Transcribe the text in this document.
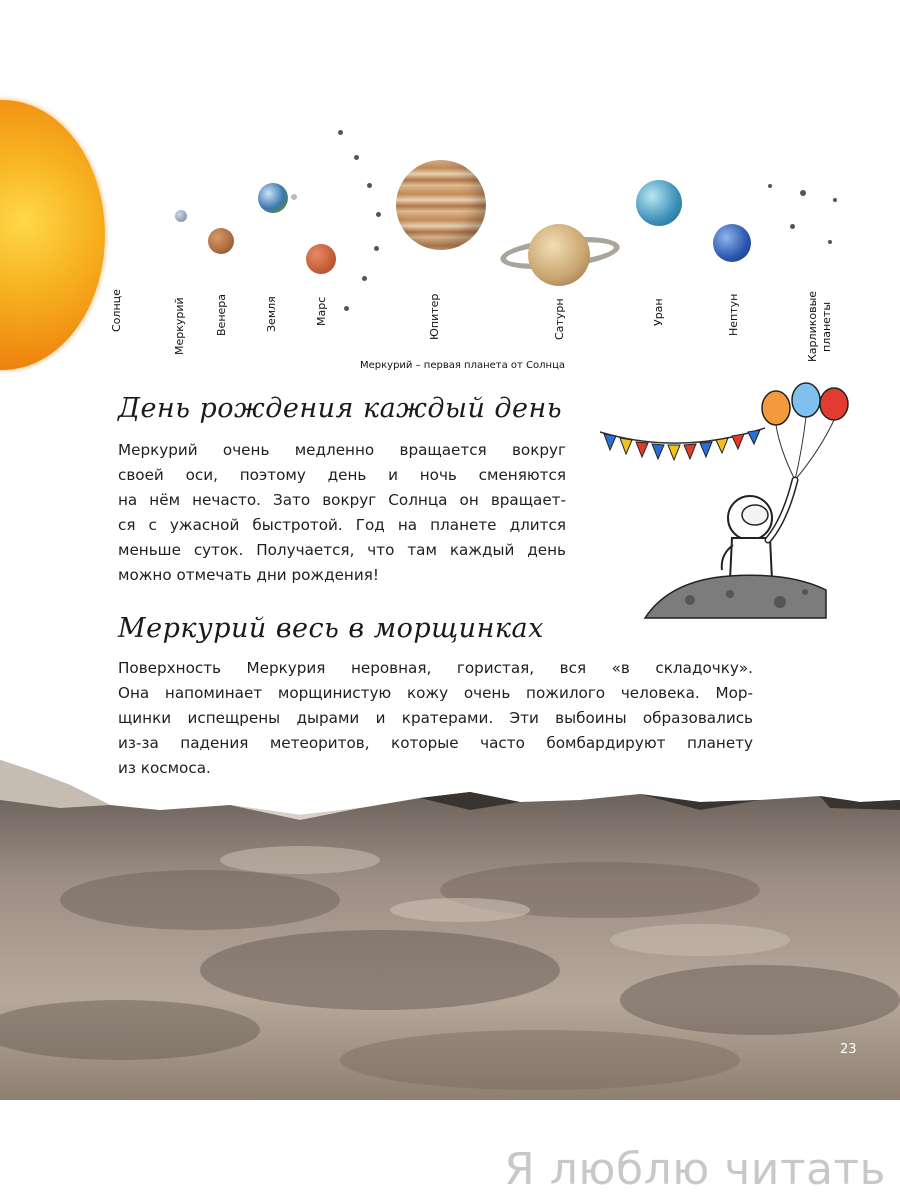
Солнце	Меркурий	Венера	Земля	Марс	Юпитер	Сатурн	Уран	Нептун	Карликовые планеты
Меркурий – первая планета от Солнца
День рождения каждый день

Меркурий очень медленно вращается вокруг

своей оси, поэтому день и ночь сменяются

на нём нечасто. Зато вокруг Солнца он вращает-

ся с ужасной быстротой. Год на планете длится

меньше суток. Получается, что там каждый день

можно отмечать дни рождения!

Меркурий весь в морщинках

Поверхность Меркурия неровная, гористая, вся «в складочку».

Она напоминает морщинистую кожу очень пожилого человека. Мор-

щинки испещрены дырами и кратерами. Эти выбоины образовались

из-за падения метеоритов, которые часто бомбардируют планету

из космоса.

23
Я люблю читать
